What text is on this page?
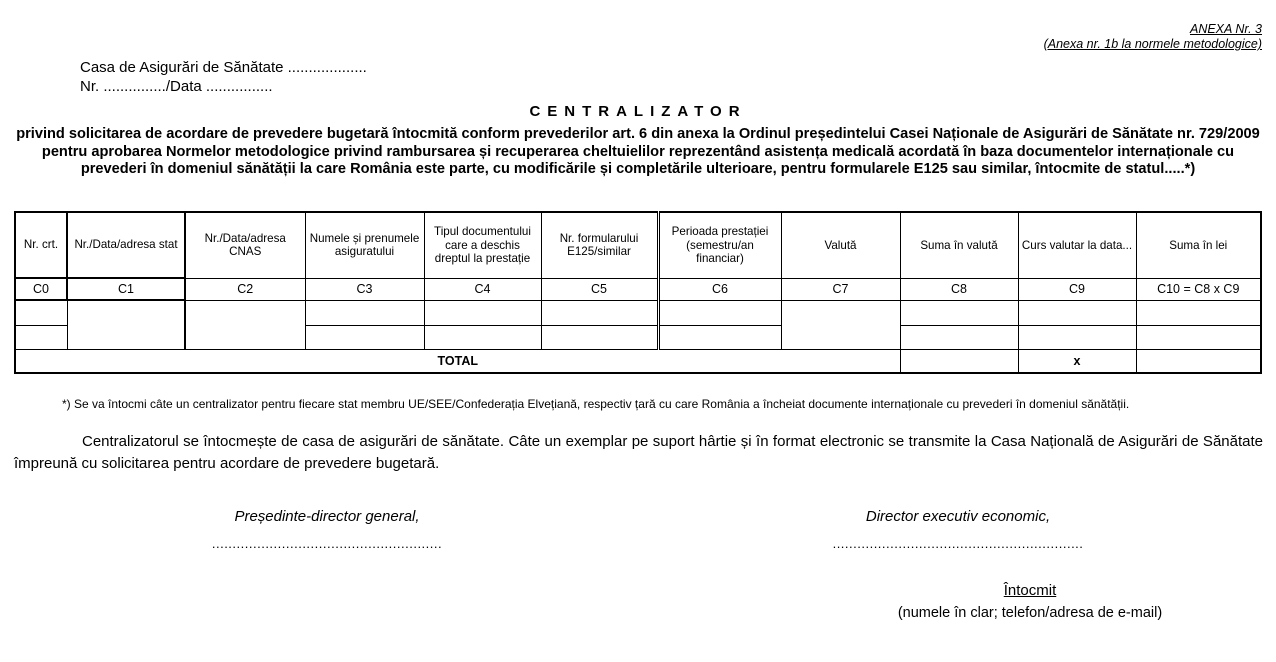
ANEXA Nr. 3
(Anexa nr. 1b la normele metodologice)
Casa de Asigurări de Sănătate ...................
Nr. .............../Data ................
CENTRALIZATOR
privind solicitarea de acordare de prevedere bugetară întocmită conform prevederilor art. 6 din anexa la Ordinul președintelui Casei Naționale de Asigurări de Sănătate nr. 729/2009 pentru aprobarea Normelor metodologice privind rambursarea și recuperarea cheltuielilor reprezentând asistența medicală acordată în baza documentelor internaționale cu prevederi în domeniul sănătății la care România este parte, cu modificările și completările ulterioare, pentru formularele E125 sau similar, întocmite de statul.....*)
Nr. crt.	Nr./Data/adresa stat	Nr./Data/adresa CNAS	Numele și prenumele asiguratului	Tipul documentului care a deschis dreptul la prestație	Nr. formularului E125/similar	Perioada prestației (semestru/an financiar)	Valută	Suma în valută	Curs valutar la data...	Suma în lei
C0	C1	C2	C3	C4	C5	C6	C7	C8	C9	C10 = C8 x C9

TOTAL									x	
*) Se va întocmi câte un centralizator pentru fiecare stat membru UE/SEE/Confederația Elvețiană, respectiv țară cu care România a încheiat documente internaționale cu prevederi în domeniul sănătății.
Centralizatorul se întocmește de casa de asigurări de sănătate. Câte un exemplar pe suport hârtie și în format electronic se transmite la Casa Națională de Asigurări de Sănătate împreună cu solicitarea pentru acordare de prevedere bugetară.
Președinte-director general,
........................................................
Director executiv economic,
.............................................................
Întocmit
(numele în clar; telefon/adresa de e-mail)
